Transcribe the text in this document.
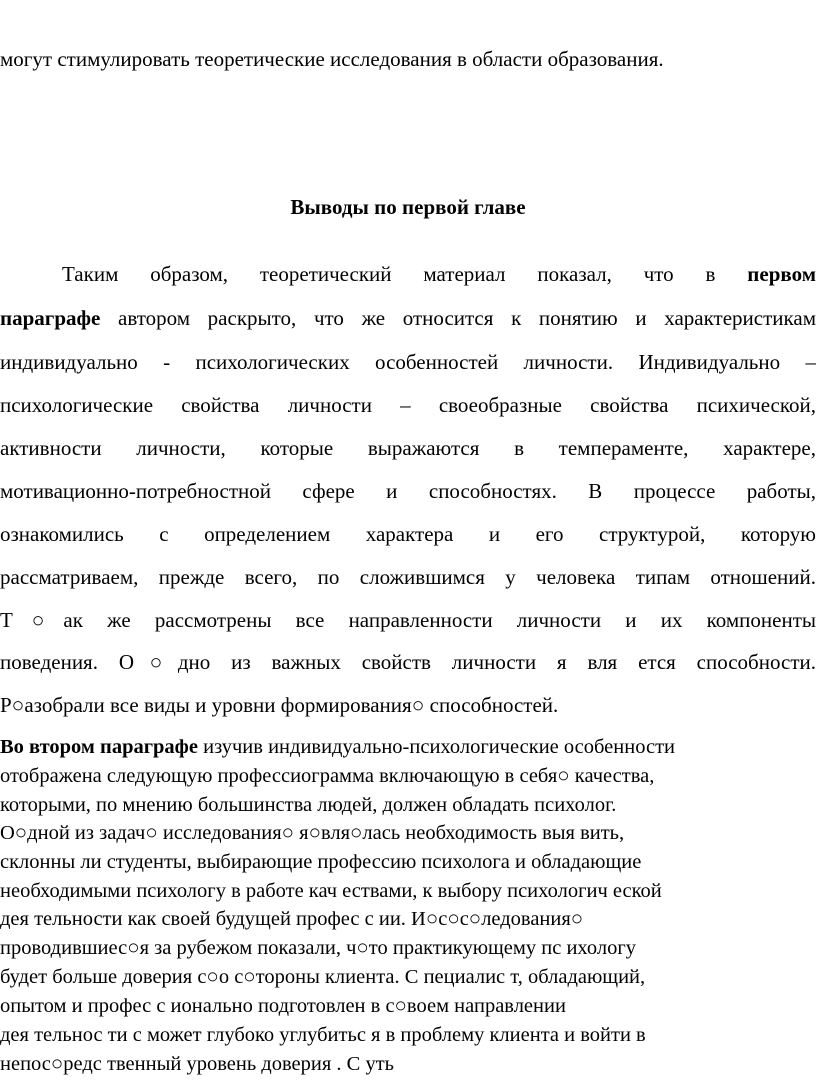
могут стимулировать теоретические исследования в области образования.
Выводы по первой главе
Таким образом, теоретический материал показал, что в первом
параграфе автором раскрыто, что же относится к понятию и характеристикам
индивидуально - психологических особенностей личности. Индивидуально –
психологические свойства личности – своеобразные свойства психической,
активности личности, которые выражаются в темпераменте, характере,
мотивационно-потребностной сфере и способностях. В процессе работы,
ознакомились с определением характера и его структурой, которую
рассматриваем, прежде всего, по сложившимся у человека типам отношений.
Т○ак же рассмотрены все направленности личности и их компоненты
поведения. О○дно из важных свойств личности я вля ется способности.
Р○азобрали все виды и уровни формирования○ способностей.
Во втором параграфе изучив индивидуально-психологические особенности
отображена следующую профессиограмма включающую в себя○ качества,
которыми, по мнению большинства людей, должен обладать психолог.
О○дной из задач○ исследования○ я○вля○лась необходимость выя вить,
склонны ли студенты, выбирающие профессию психолога и обладающие
необходимыми психологу в работе кач ествами, к выбору психологич еской
дея тельности как своей будущей профес с ии. И○с○с○ледования○
проводившиес○я за рубежом показали, ч○то практикующему пс ихологу
будет больше доверия с○о с○тороны клиента. С пециалис т, обладающий,
опытом и профес с ионально подготовлен в с○воем направлении
дея тельнос ти с может глубоко углубитьс я в проблему клиента и войти в
непос○редс твенный уровень доверия . С уть
